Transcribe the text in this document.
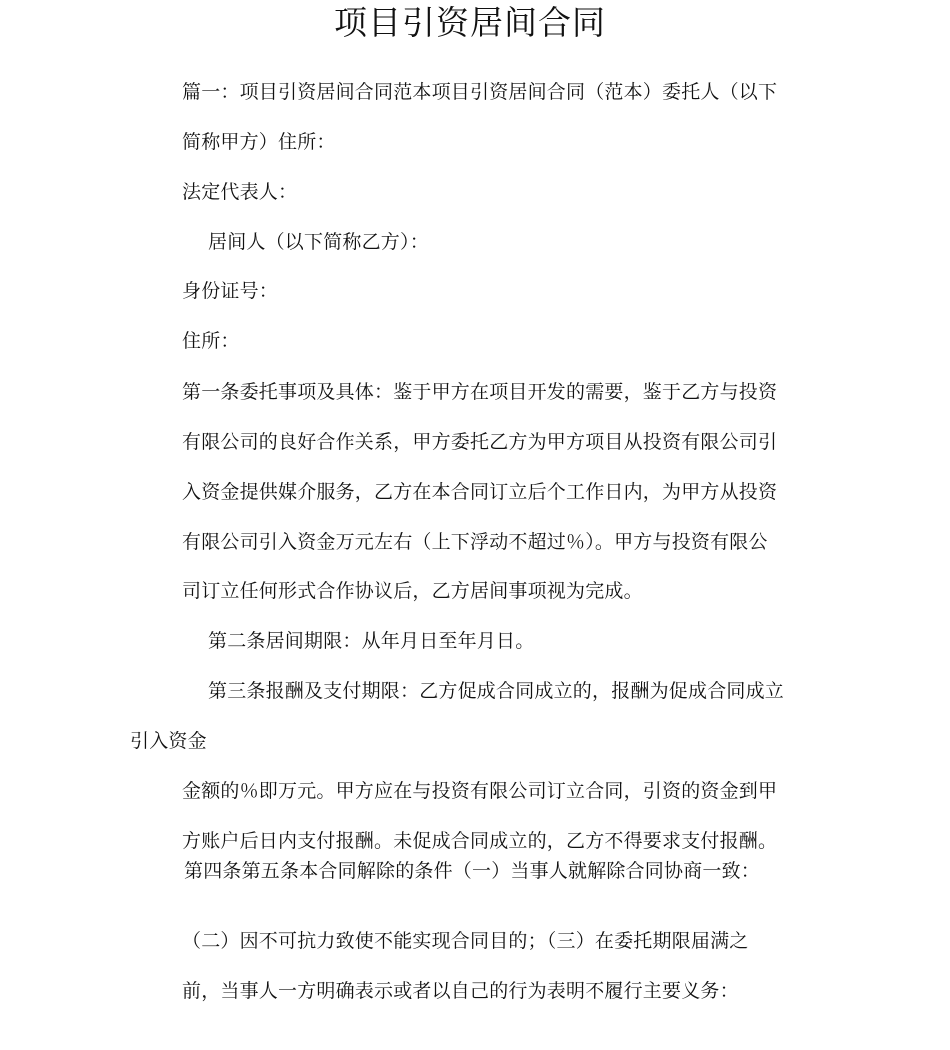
项目引资居间合同
篇一：项目引资居间合同范本项目引资居间合同（范本）委托人（以下
简称甲方）住所：
法定代表人：
居间人（以下简称乙方）：
身份证号：
住所：
第一条委托事项及具体：鉴于甲方在项目开发的需要，鉴于乙方与投资
有限公司的良好合作关系，甲方委托乙方为甲方项目从投资有限公司引
入资金提供媒介服务，乙方在本合同订立后个工作日内，为甲方从投资
有限公司引入资金万元左右（上下浮动不超过％）。甲方与投资有限公
司订立任何形式合作协议后，乙方居间事项视为完成。
第二条居间期限：从年月日至年月日。
第三条报酬及支付期限：乙方促成合同成立的，报酬为促成合同成立
引入资金
金额的％即万元。甲方应在与投资有限公司订立合同，引资的资金到甲
方账户后日内支付报酬。未促成合同成立的，乙方不得要求支付报酬。
第四条第五条本合同解除的条件（一）当事人就解除合同协商一致：
（二）因不可抗力致使不能实现合同目的；（三）在委托期限届满之
前，当事人一方明确表示或者以自己的行为表明不履行主要义务：
